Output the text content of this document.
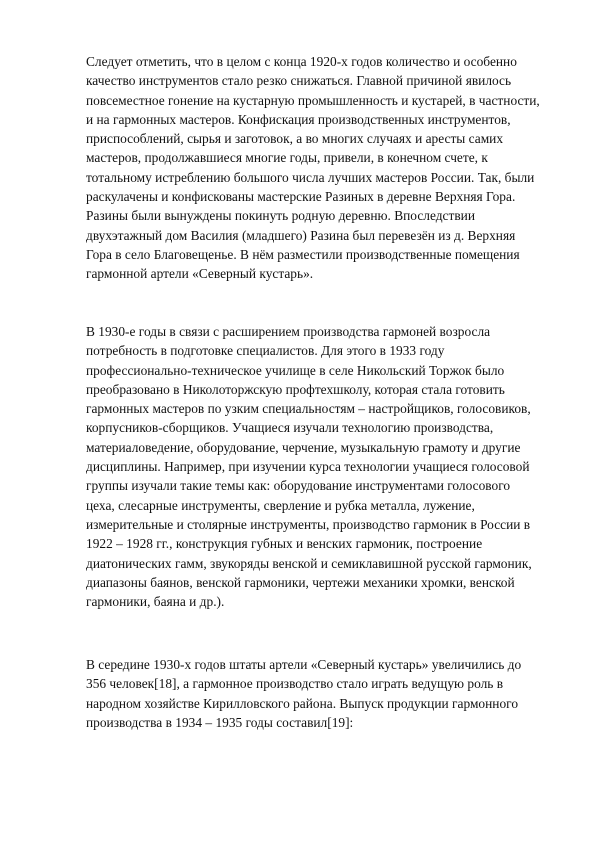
Следует отметить, что в целом с конца 1920-х годов количество и особенно
качество инструментов стало резко снижаться. Главной причиной явилось
повсеместное гонение на кустарную промышленность и кустарей, в частности,
и на гармонных мастеров. Конфискация производственных инструментов,
приспособлений, сырья и заготовок, а во многих случаях и аресты самих
мастеров, продолжавшиеся многие годы, привели, в конечном счете, к
тотальному истреблению большого числа лучших мастеров России. Так, были
раскулачены и конфискованы мастерские Разиных в деревне Верхняя Гора.
Разины были вынуждены покинуть родную деревню. Впоследствии
двухэтажный дом Василия (младшего) Разина был перевезён из д. Верхняя
Гора в село Благовещенье. В нём разместили производственные помещения
гармонной артели «Северный кустарь».

В 1930-е годы в связи с расширением производства гармоней возросла
потребность в подготовке специалистов. Для этого в 1933 году
профессионально-техническое училище в селе Никольский Торжок было
преобразовано в Николоторжскую профтехшколу, которая стала готовить
гармонных мастеров по узким специальностям – настройщиков, голосовиков,
корпусников-сборщиков. Учащиеся изучали технологию производства,
материаловедение, оборудование, черчение, музыкальную грамоту и другие
дисциплины. Например, при изучении курса технологии учащиеся голосовой
группы изучали такие темы как: оборудование инструментами голосового
цеха, слесарные инструменты, сверление и рубка металла, лужение,
измерительные и столярные инструменты, производство гармоник в России в
1922 – 1928 гг., конструкция губных и венских гармоник, построение
диатонических гамм, звукоряды венской и семиклавишной русской гармоник,
диапазоны баянов, венской гармоники, чертежи механики хромки, венской
гармоники, баяна и др.).

В середине 1930-х годов штаты артели «Северный кустарь» увеличились до
356 человек[18], а гармонное производство стало играть ведущую роль в
народном хозяйстве Кирилловского района. Выпуск продукции гармонного
производства в 1934 – 1935 годы составил[19]:
